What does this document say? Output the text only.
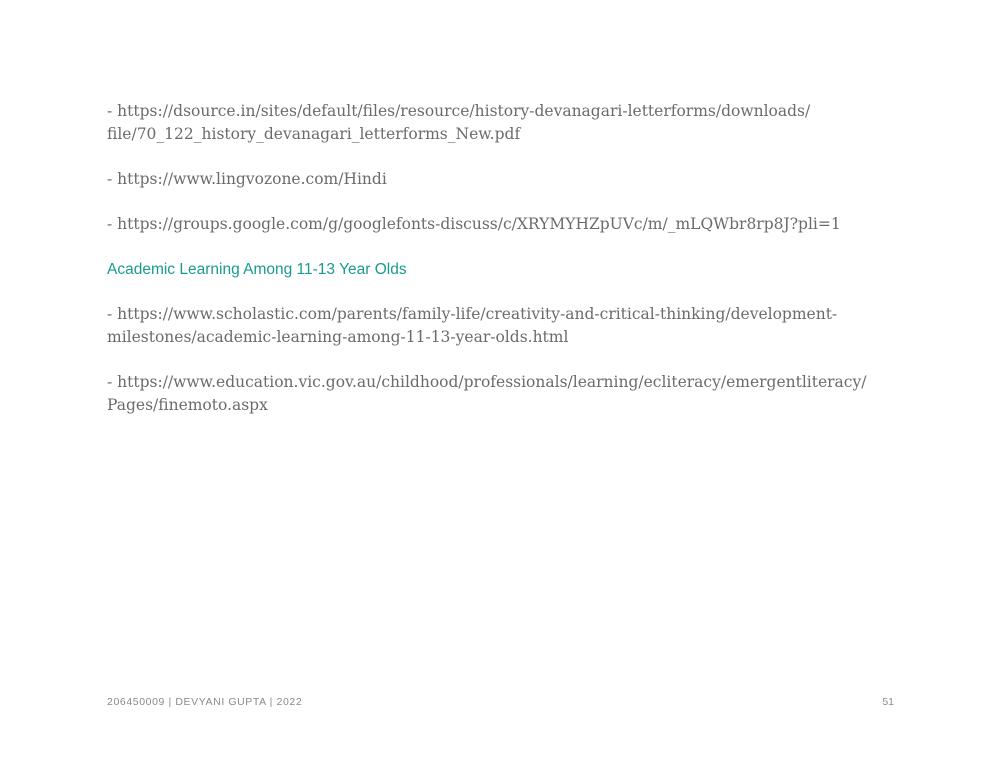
- https://dsource.in/sites/default/files/resource/history-devanagari-letterforms/downloads/
file/70_122_history_devanagari_letterforms_New.pdf
- https://www.lingvozone.com/Hindi
- https://groups.google.com/g/googlefonts-discuss/c/XRYMYHZpUVc/m/_mLQWbr8rp8J?pli=1
Academic Learning Among 11-13 Year Olds
- https://www.scholastic.com/parents/family-life/creativity-and-critical-thinking/development-
milestones/academic-learning-among-11-13-year-olds.html
- https://www.education.vic.gov.au/childhood/professionals/learning/ecliteracy/emergentliteracy/
Pages/finemoto.aspx
206450009 | DEVYANI GUPTA | 2022	51
